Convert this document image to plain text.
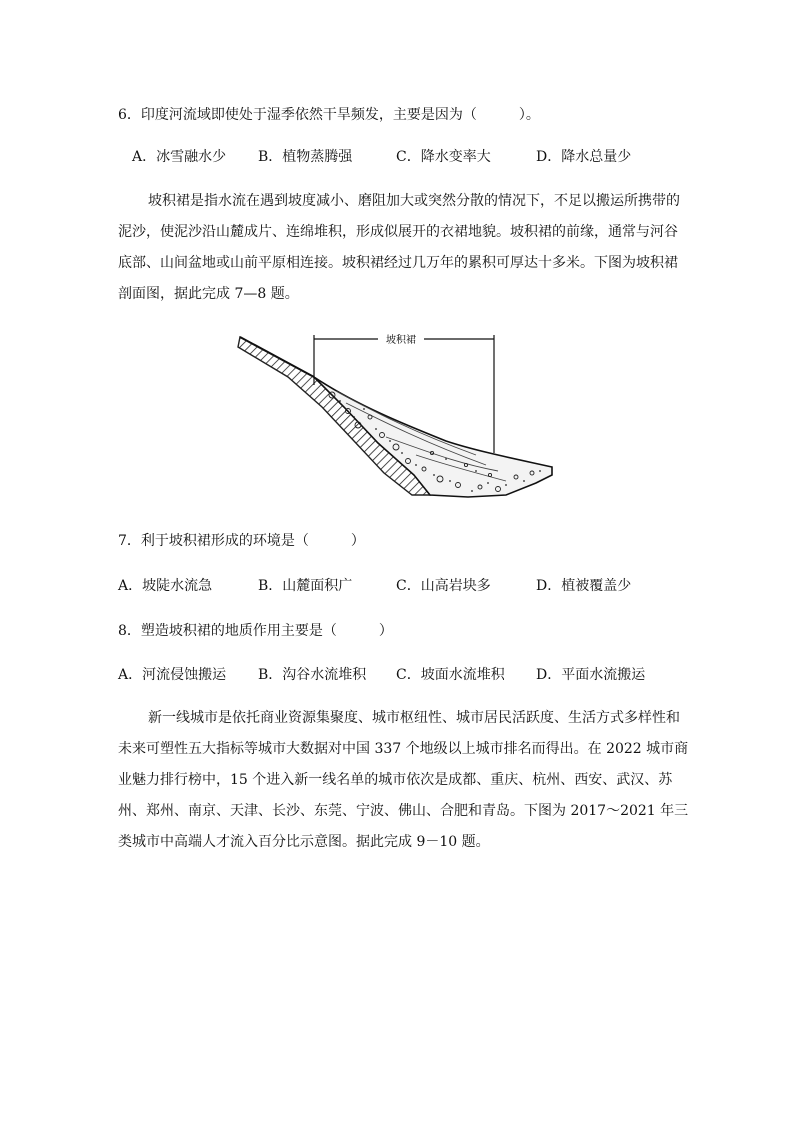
6．印度河流域即使处于湿季依然干旱频发，主要是因为（　　　）。
A．冰雪融水少 B．植物蒸腾强	C．降水变率大	D．降水总量少
坡积裙是指水流在遇到坡度减小、磨阻加大或突然分散的情况下，不足以搬运所携带的
泥沙，使泥沙沿山麓成片、连绵堆积，形成似展开的衣裙地貌。坡积裙的前缘，通常与河谷
底部、山间盆地或山前平原相连接。坡积裙经过几万年的累积可厚达十多米。下图为坡积裙
剖面图，据此完成 7—8 题。
坡积裙
7．利于坡积裙形成的环境是（　　　）
A．坡陡水流急	B．山麓面积广	C．山高岩块多	D．植被覆盖少
8．塑造坡积裙的地质作用主要是（　　　）
A．河流侵蚀搬运 B．沟谷水流堆积 C．坡面水流堆积 D．平面水流搬运
新一线城市是依托商业资源集聚度、城市枢纽性、城市居民活跃度、生活方式多样性和
未来可塑性五大指标等城市大数据对中国 337 个地级以上城市排名而得出。在 2022 城市商
业魅力排行榜中，15 个进入新一线名单的城市依次是成都、重庆、杭州、西安、武汉、苏
州、郑州、南京、天津、长沙、东莞、宁波、佛山、合肥和青岛。下图为 2017～2021 年三
类城市中高端人才流入百分比示意图。据此完成 9－10 题。
